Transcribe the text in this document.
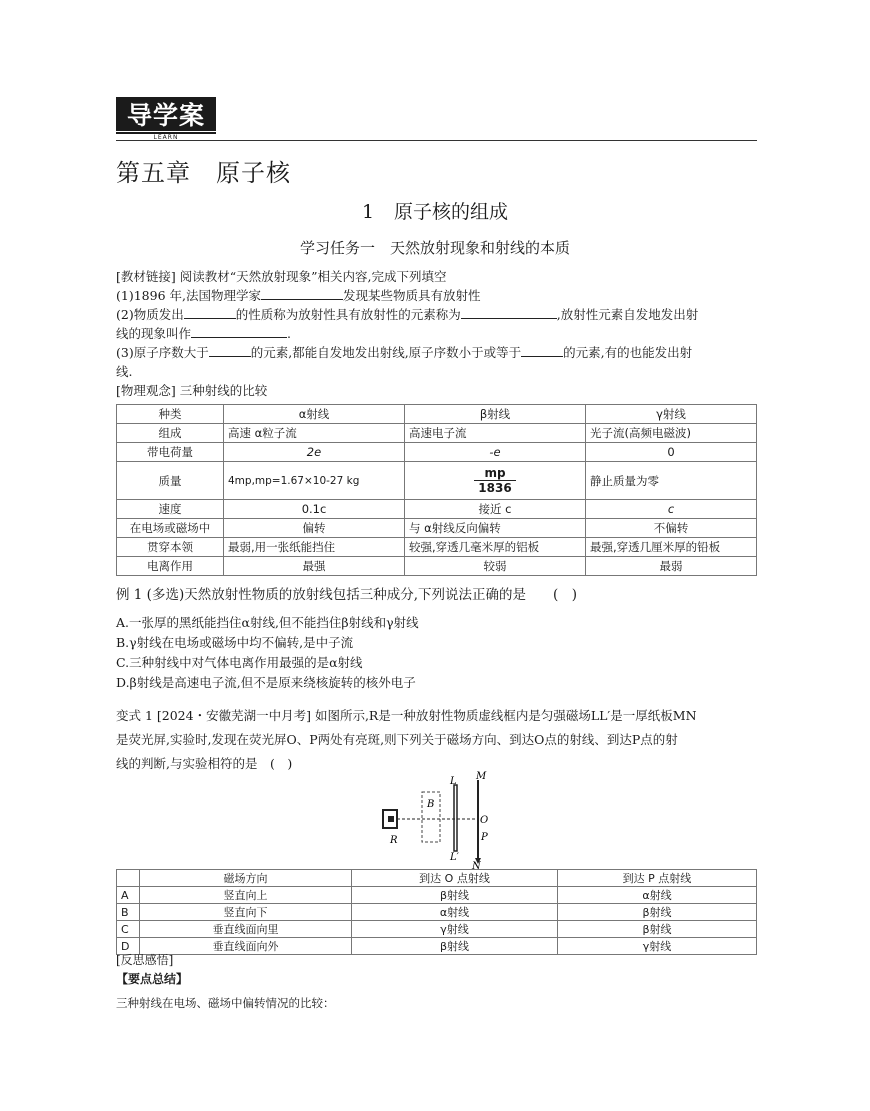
导学案
LEARN
第五章　原子核
1 原子核的组成
学习任务一　天然放射现象和射线的本质
[教材链接] 阅读教材“天然放射现象”相关内容,完成下列填空
(1)1896 年,法国物理学家	发现某些物质具有放射性
(2)物质发出	的性质称为放射性具有放射性的元素称为	,放射性元素自发地发出射
线的现象叫作	.
(3)原子序数大于	的元素,都能自发地发出射线,原子序数小于或等于	的元素,有的也能发出射
线.
[物理观念] 三种射线的比较
种类	α射线	β射线	γ射线
组成	高速 α粒子流	高速电子流	光子流(高频电磁波)
带电荷量	2e	-e	0
质量	4mp,mp=1.67×10-27 kg	$\frac{mp}{1836}$	静止质量为零
速度	0.1c	接近 c	c
在电场或磁场中	偏转	与 α射线反向偏转	不偏转
贯穿本领	最弱,用一张纸能挡住	较强,穿透几毫米厚的铝板	最强,穿透几厘米厚的铅板
电离作用	最强	较弱	最弱
例 1 (多选)天然放射性物质的放射线包括三种成分,下列说法正确的是　　(　)
A.一张厚的黑纸能挡住α射线,但不能挡住β射线和γ射线
B.γ射线在电场或磁场中均不偏转,是中子流
C.三种射线中对气体电离作用最强的是α射线
D.β射线是高速电子流,但不是原来绕核旋转的核外电子
变式 1 [2024・安徽芜湖一中月考] 如图所示,R是一种放射性物质虚线框内是匀强磁场LL′是一厚纸板MN
是荧光屏,实验时,发现在荧光屏O、P两处有亮斑,则下列关于磁场方向、到达O点的射线、到达P点的射
线的判断,与实验相符的是　(　)
R
B
L
L′
M
O
P
N
	磁场方向	到达 O 点射线	到达 P 点射线
A	竖直向上	β射线	α射线
B	竖直向下	α射线	β射线
C	垂直线面向里	γ射线	β射线
D	垂直线面向外	β射线	γ射线
[反思感悟]
【要点总结】
三种射线在电场、磁场中偏转情况的比较：
